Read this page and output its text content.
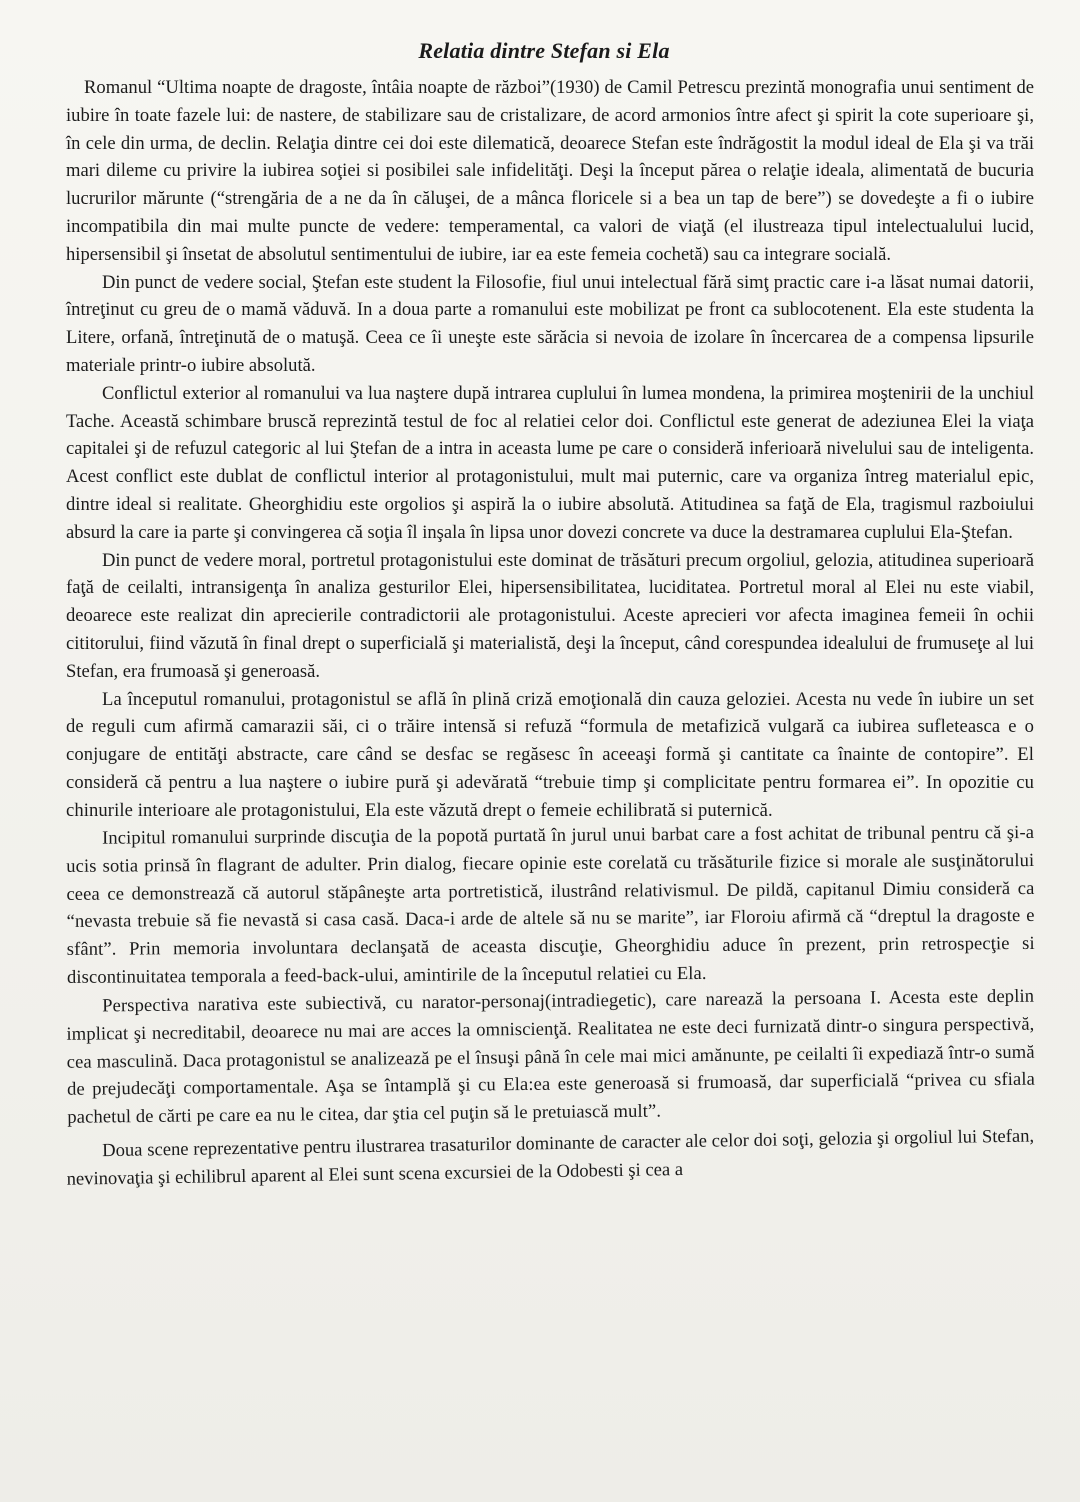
Relatia dintre Stefan si Ela

Romanul “Ultima noapte de dragoste, întâia noapte de război”(1930) de Camil Petrescu prezintă monografia unui sentiment de iubire în toate fazele lui: de nastere, de stabilizare sau de cristalizare, de acord armonios între afect şi spirit la cote superioare şi, în cele din urma, de declin. Relaţia dintre cei doi este dilematică, deoarece Stefan este îndrăgostit la modul ideal de Ela şi va trăi mari dileme cu privire la iubirea soţiei si posibilei sale infidelităţi. Deşi la început părea o relaţie ideala, alimentată de bucuria lucrurilor mărunte (“strengăria de a ne da în căluşei, de a mânca floricele si a bea un tap de bere”) se dovedeşte a fi o iubire incompatibila din mai multe puncte de vedere: temperamental, ca valori de viaţă (el ilustreaza tipul intelectualului lucid, hipersensibil şi însetat de absolutul sentimentului de iubire, iar ea este femeia cochetă) sau ca integrare socială.

Din punct de vedere social, Ştefan este student la Filosofie, fiul unui intelectual fără simţ practic care i-a lăsat numai datorii, întreţinut cu greu de o mamă văduvă. In a doua parte a romanului este mobilizat pe front ca sublocotenent. Ela este studenta la Litere, orfană, întreţinută de o matuşă. Ceea ce îi uneşte este sărăcia si nevoia de izolare în încercarea de a compensa lipsurile materiale printr-o iubire absolută.

Conflictul exterior al romanului va lua naştere după intrarea cuplului în lumea mondena, la primirea moştenirii de la unchiul Tache. Această schimbare bruscă reprezintă testul de foc al relatiei celor doi. Conflictul este generat de adeziunea Elei la viaţa capitalei şi de refuzul categoric al lui Ştefan de a intra in aceasta lume pe care o consideră inferioară nivelului sau de inteligenta. Acest conflict este dublat de conflictul interior al protagonistului, mult mai puternic, care va organiza întreg materialul epic, dintre ideal si realitate. Gheorghidiu este orgolios şi aspiră la o iubire absolută. Atitudinea sa faţă de Ela, tragismul razboiului absurd la care ia parte şi convingerea că soţia îl inşala în lipsa unor dovezi concrete va duce la destramarea cuplului Ela-Ştefan.

Din punct de vedere moral, portretul protagonistului este dominat de trăsături precum orgoliul, gelozia, atitudinea superioară faţă de ceilalti, intransigenţa în analiza gesturilor Elei, hipersensibilitatea, luciditatea. Portretul moral al Elei nu este viabil, deoarece este realizat din aprecierile contradictorii ale protagonistului. Aceste aprecieri vor afecta imaginea femeii în ochii cititorului, fiind văzută în final drept o superficială şi materialistă, deşi la început, când corespundea idealului de frumuseţe al lui Stefan, era frumoasă şi generoasă.

La începutul romanului, protagonistul se află în plină criză emoţională din cauza geloziei. Acesta nu vede în iubire un set de reguli cum afirmă camarazii săi, ci o trăire intensă si refuză “formula de metafizică vulgară ca iubirea sufleteasca e o conjugare de entităţi abstracte, care când se desfac se regăsesc în aceeaşi formă şi cantitate ca înainte de contopire”. El consideră că pentru a lua naştere o iubire pură şi adevărată “trebuie timp şi complicitate pentru formarea ei”. In opozitie cu chinurile interioare ale protagonistului, Ela este văzută drept o femeie echilibrată si puternică.

Incipitul romanului surprinde discuţia de la popotă purtată în jurul unui barbat care a fost achitat de tribunal pentru că şi-a ucis sotia prinsă în flagrant de adulter. Prin dialog, fiecare opinie este corelată cu trăsăturile fizice si morale ale susţinătorului ceea ce demonstrează că autorul stăpâneşte arta portretistică, ilustrând relativismul. De pildă, capitanul Dimiu consideră ca “nevasta trebuie să fie nevastă si casa casă. Daca-i arde de altele să nu se marite”, iar Floroiu afirmă că “dreptul la dragoste e sfânt”. Prin memoria involuntara declanşată de aceasta discuţie, Gheorghidiu aduce în prezent, prin retrospecţie si discontinuitatea temporala a feed-back-ului, amintirile de la începutul relatiei cu Ela.

Perspectiva narativa este subiectivă, cu narator-personaj(intradiegetic), care narează la persoana I. Acesta este deplin implicat şi necreditabil, deoarece nu mai are acces la omniscienţă. Realitatea ne este deci furnizată dintr-o singura perspectivă, cea masculină. Daca protagonistul se analizează pe el însuşi până în cele mai mici amănunte, pe ceilalti îi expediază într-o sumă de prejudecăţi comportamentale. Aşa se întamplă şi cu Ela:ea este generoasă si frumoasă, dar superficială “privea cu sfiala pachetul de cărti pe care ea nu le citea, dar ştia cel puţin să le pretuiască mult”.

Doua scene reprezentative pentru ilustrarea trasaturilor dominante de caracter ale celor doi soţi, gelozia şi orgoliul lui Stefan, nevinovaţia şi echilibrul aparent al Elei sunt scena excursiei de la Odobesti şi cea a
